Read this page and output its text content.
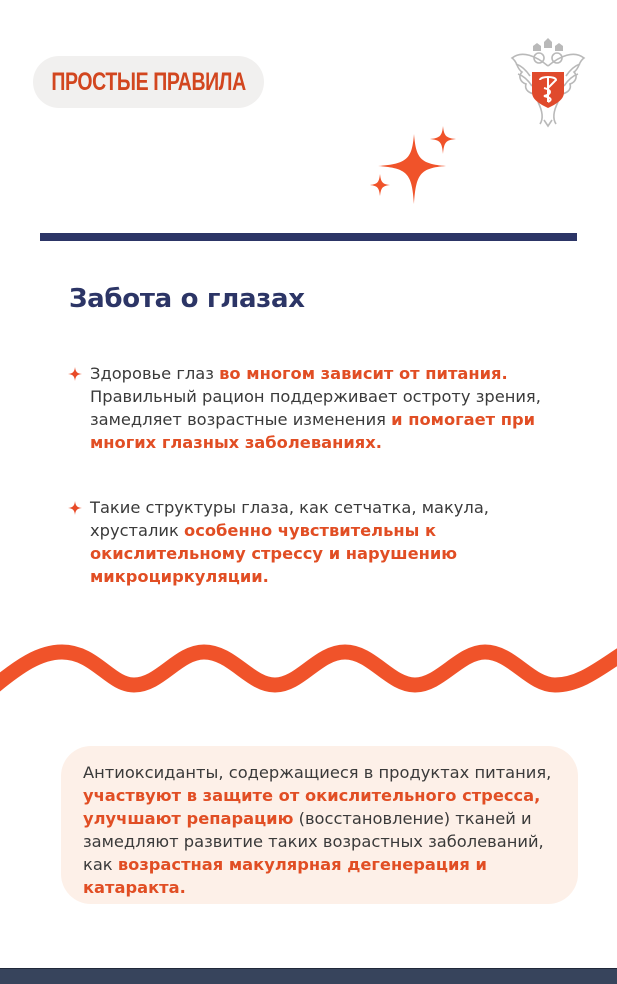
ПРОСТЫЕ ПРАВИЛА
Забота о глазах
Здоровье глаз во многом зависит от питания. Правильный рацион поддерживает остроту зрения, замедляет возрастные изменения и помогает при многих глазных заболеваниях.
Такие структуры глаза, как сетчатка, макула, хрусталик особенно чувствительны к окислительному стрессу и нарушению микроциркуляции.
Антиоксиданты, содержащиеся в продуктах питания, участвуют в защите от окислительного стресса, улучшают репарацию (восстановление) тканей и замедляют развитие таких возрастных заболеваний, как возрастная макулярная дегенерация и катаракта.
